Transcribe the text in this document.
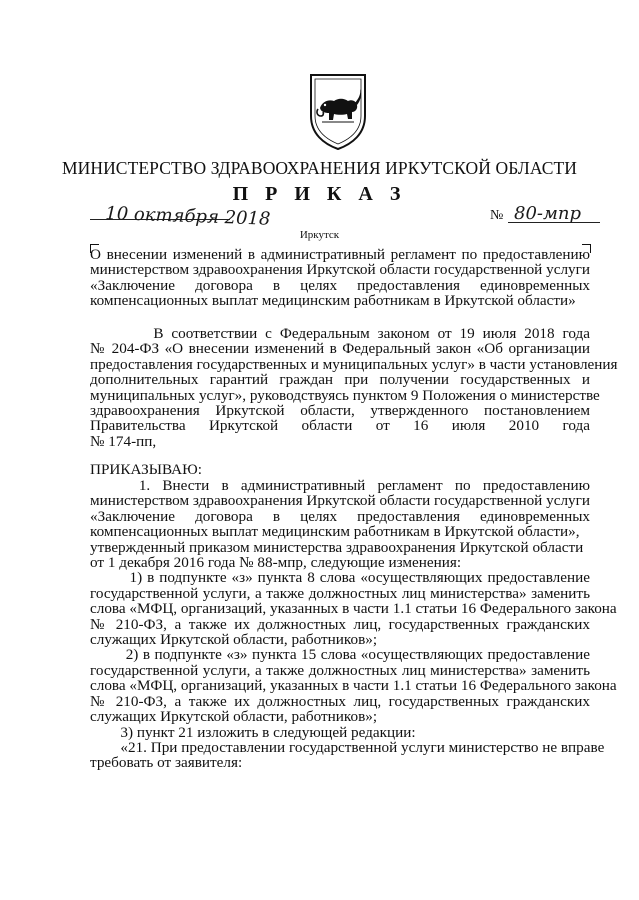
МИНИСТЕРСТВО ЗДРАВООХРАНЕНИЯ ИРКУТСКОЙ ОБЛАСТИ
П Р И К А З
10 октября 2018	№ 80-мпр
Иркутск
О внесении изменений в административный регламент по предоставлению
министерством здравоохранения Иркутской области государственной услуги
«Заключение    договора    в    целях    предоставления    единовременных
компенсационных выплат медицинским работникам в Иркутской области»
В соответствии с Федеральным законом от 19 июля 2018 года
№ 204-ФЗ «О внесении изменений в Федеральный закон «Об организации
предоставления государственных и муниципальных услуг» в части установления
дополнительных гарантий граждан при получении государственных и
муниципальных услуг», руководствуясь пунктом 9 Положения о министерстве
здравоохранения    Иркутской    области,    утвержденного    постановлением
Правительства    Иркутской    области    от    16    июля    2010    года
№ 174-пп,
ПРИКАЗЫВАЮ:
1.  Внести  в  административный  регламент  по  предоставлению
министерством здравоохранения Иркутской области государственной услуги
«Заключение    договора    в    целях    предоставления    единовременных
компенсационных выплат медицинским работникам в Иркутской области»,
утвержденный приказом министерства здравоохранения Иркутской области
от 1 декабря 2016 года № 88-мпр, следующие изменения:
1) в подпункте «з» пункта 8 слова «осуществляющих предоставление
государственной услуги, а также должностных лиц министерства» заменить
слова «МФЦ, организаций, указанных в части 1.1 статьи 16 Федерального закона
№ 210-ФЗ, а также их должностных лиц, государственных гражданских
служащих Иркутской области, работников»;
2) в подпункте «з» пункта 15 слова «осуществляющих предоставление
государственной услуги, а также должностных лиц министерства» заменить
слова «МФЦ, организаций, указанных в части 1.1 статьи 16 Федерального закона
№ 210-ФЗ, а также их должностных лиц, государственных гражданских
служащих Иркутской области, работников»;
3) пункт 21 изложить в следующей редакции:
«21. При предоставлении государственной услуги министерство не вправе
требовать от заявителя:
